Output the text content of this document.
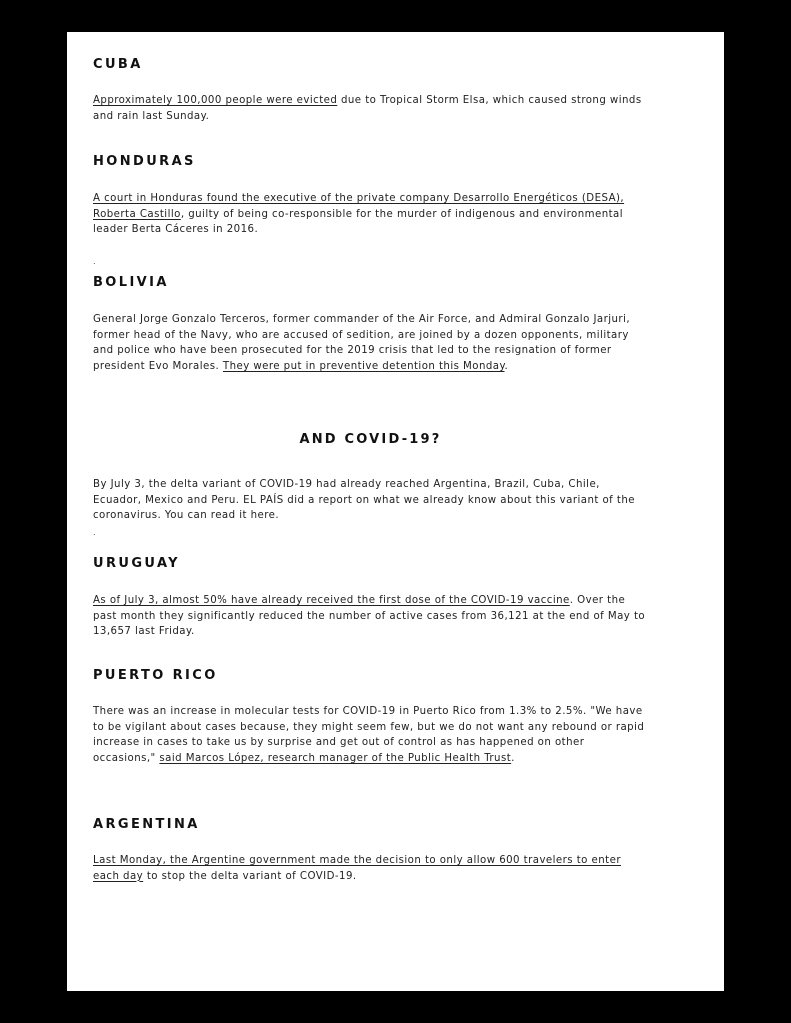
CUBA

Approximately 100,000 people were evicted due to Tropical Storm Elsa, which caused strong winds and rain last Sunday.

HONDURAS

A court in Honduras found the executive of the private company Desarrollo Energéticos (DESA), Roberta Castillo, guilty of being co-responsible for the murder of indigenous and environmental leader Berta Cáceres in 2016.

.
BOLIVIA

General Jorge Gonzalo Terceros, former commander of the Air Force, and Admiral Gonzalo Jarjuri, former head of the Navy, who are accused of sedition, are joined by a dozen opponents, military and police who have been prosecuted for the 2019 crisis that led to the resignation of former president Evo Morales. They were put in preventive detention this Monday.

AND COVID-19?

By July 3, the delta variant of COVID-19 had already reached Argentina, Brazil, Cuba, Chile, Ecuador, Mexico and Peru. EL PAÍS did a report on what we already know about this variant of the coronavirus. You can read it here.

.
URUGUAY

As of July 3, almost 50% have already received the first dose of the COVID-19 vaccine. Over the past month they significantly reduced the number of active cases from 36,121 at the end of May to 13,657 last Friday.

PUERTO RICO

There was an increase in molecular tests for COVID-19 in Puerto Rico from 1.3% to 2.5%. "We have to be vigilant about cases because, they might seem few, but we do not want any rebound or rapid increase in cases to take us by surprise and get out of control as has happened on other occasions," said Marcos López, research manager of the Public Health Trust.

ARGENTINA

Last Monday, the Argentine government made the decision to only allow 600 travelers to enter each day to stop the delta variant of COVID-19.
